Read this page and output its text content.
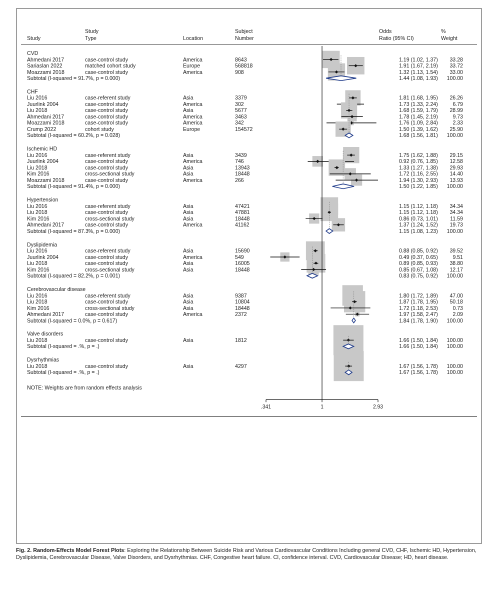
Study
Study
Type	Location
Subject
Number
Odds
Ratio (95% CI)
%
Weight
CVD
Ahmedani 2017	case-control study	America	8643	1.19 (1.02, 1.37) 33.28
Sariaslan 2022	matched cohort study	Europe	568818	1.91 (1.67, 2.19) 33.72
Moazzami 2018	case-control study	America	908	1.32 (1.13, 1.54) 33.00
Subtotal (I-squared = 91.7%, p = 0.000)	1.44 (1.08, 1.93) 100.00
CHF
Liu 2016	case-referent study	Asia	3379	1.81 (1.68, 1.95) 26.26
Juurlink 2004	case-control study	America	302	1.73 (1.33, 2.24)	6.79
Liu 2018	case-control study	Asia	5677	1.68 (1.59, 1.79) 28.99
Ahmedani 2017	case-control study	America	3463	1.78 (1.45, 2.19)	9.73
Moazzami 2018	case-control study	America	342	1.76 (1.09, 2.84)	2.33
Crump 2022	cohort study	Europe	154572	1.50 (1.39, 1.62) 25.90
Subtotal (I-squared = 60.2%, p = 0.028)	1.68 (1.56, 1.81) 100.00
Ischemic HD
Liu 2016	case-referent study	Asia	3439	1.75 (1.62, 1.88) 29.15
Juurlink 2004	case-control study	America	746	0.92 (0.76, 1.85) 12.58
Liu 2018	case-control study	Asia	13943	1.33 (1.27, 1.38) 29.93
Kim 2016	cross-sectional study	Asia	18448	1.72 (1.16, 2.55) 14.40
Moazzami 2018	case-control study	America	266	1.94 (1.30, 2.93) 13.93
Subtotal (I-squared = 91.4%, p = 0.000)	1.50 (1.22, 1.85) 100.00
Hypertension
Liu 2016	case-referent study	Asia	47421	1.15 (1.12, 1.18) 34.34
Liu 2018	case-control study	Asia	47881	1.15 (1.12, 1.18) 34.34
Kim 2016	cross-sectional study	Asia	18448	0.86 (0.73, 1.01) 11.59
Ahmedani 2017	case-control study	America	41162	1.37 (1.24, 1.52) 19.73
Subtotal (I-squared = 87.3%, p = 0.000)	1.15 (1.08, 1.23) 100.00
Dyslipidemia
Liu 2016	case-referent study	Asia	15690	0.88 (0.85, 0.92) 39.52
Juurlink 2004	case-control study	America	549	0.49 (0.37, 0.65)	9.51
Liu 2018	case-control study	Asia	16005	0.89 (0.85, 0.93) 38.80
Kim 2016	cross-sectional study	Asia	18448	0.85 (0.67, 1.08) 12.17
Subtotal (I-squared = 82.2%, p = 0.001)	0.83 (0.75, 0.92) 100.00
Cerebrovascular disease
Liu 2016	case-referent study	Asia	9387	1.80 (1.72, 1.89) 47.00
Liu 2018	case-control study	Asia	10804	1.87 (1.78, 1.95) 50.18
Kim 2016	cross-sectional study	Asia	18448	1.72 (1.18, 2.53)	0.73
Ahmedani 2017	case-control study	America	2372	1.97 (1.58, 2.47)	2.09
Subtotal (I-squared = 0.0%, p = 0.617)	1.84 (1.78, 1.90) 100.00
Valve disorders
Liu 2018	case-control study	Asia	1812	1.66 (1.50, 1.84) 100.00
Subtotal (I-squared = .%, p = .)	1.66 (1.50, 1.84) 100.00
Dysrhythmias
Liu 2018	case-control study	Asia	4297	1.67 (1.56, 1.78) 100.00
Subtotal (I-squared = .%, p = .)	1.67 (1.56, 1.78) 100.00
NOTE: Weights are from random effects analysis
.341	1	2.93
Fig. 2. Random-Effects Model Forest Plots: Exploring the Relationship Between Suicide Risk and Various Cardiovascular Conditions Including general CVD, CHF, Ischemic HD, Hypertension, Dyslipidemia, Cerebrovascular Disease, Valve Disorders, and Dysrhythmias. CHF, Congestive heart failure. CI, confidence interval. CVD, Cardiovascular Disease; HD, heart disease.
